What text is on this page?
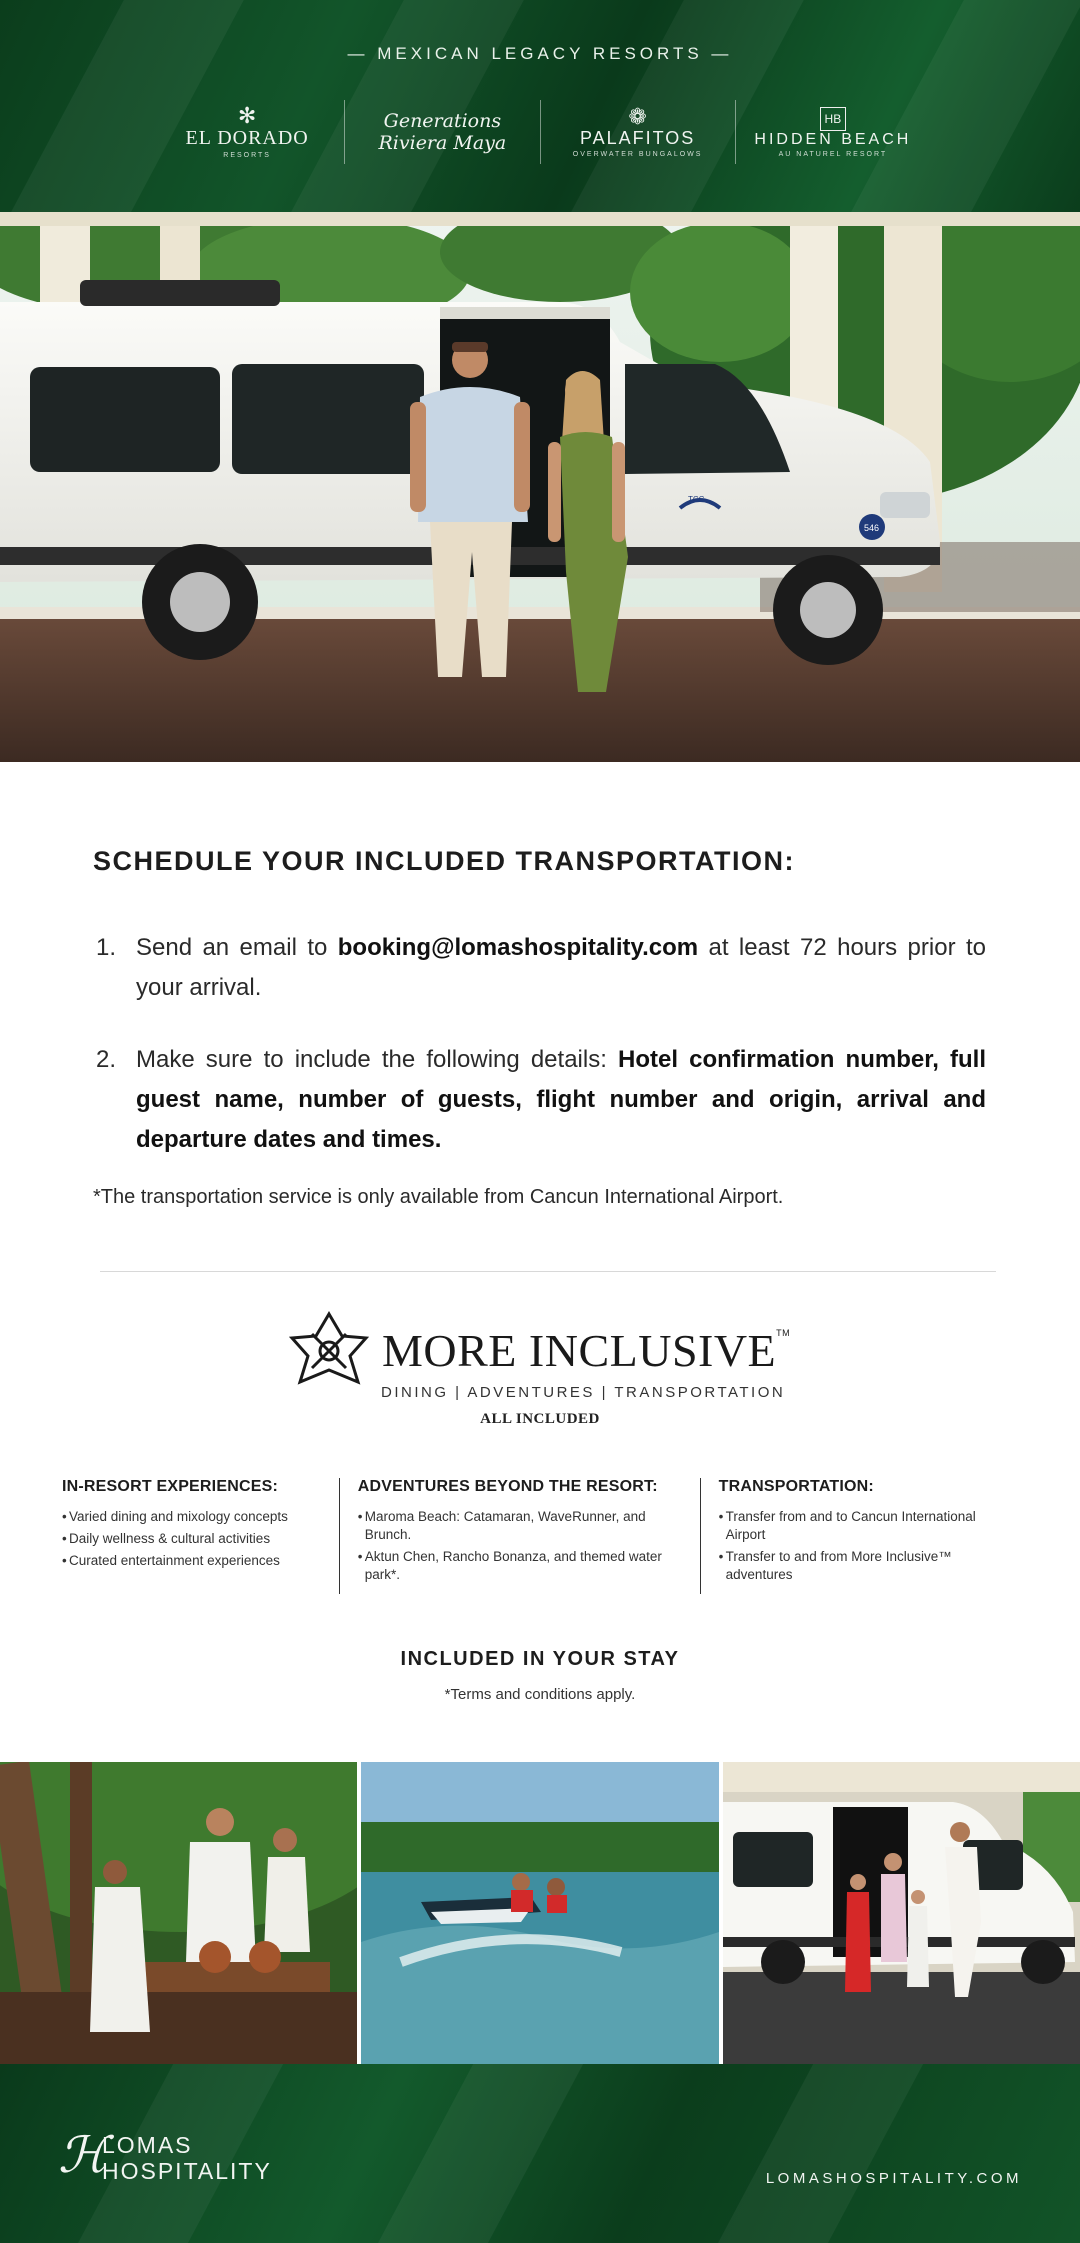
— MEXICAN LEGACY RESORTS —
✻
EL DORADO
RESORTS
Generations
Riviera Maya
❁
PALAFITOS
OVERWATER BUNGALOWS
HB
HIDDEN BEACH
AU NATUREL RESORT
546
TCC
SCHEDULE YOUR INCLUDED TRANSPORTATION:
1. Send an email to booking@lomashospitality.com at least 72 hours prior to your arrival.
2. Make sure to include the following details: Hotel confirmation number, full guest name, number of guests, flight number and origin, arrival and departure dates and times.
*The transportation service is only available from Cancun International Airport.
MORE INCLUSIVE™
DINING | ADVENTURES | TRANSPORTATION
ALL INCLUDED
IN-RESORT EXPERIENCES:
• Varied dining and mixology concepts
• Daily wellness & cultural activities
• Curated entertainment experiences
ADVENTURES BEYOND THE RESORT:
• Maroma Beach: Catamaran, WaveRunner, and Brunch.
• Aktun Chen, Rancho Bonanza, and themed water park*.
TRANSPORTATION:
• Transfer from and to Cancun International Airport
• Transfer to and from More Inclusive™ adventures
INCLUDED IN YOUR STAY
*Terms and conditions apply.
ℋ
LOMAS
HOSPITALITY	LOMASHOSPITALITY.COM
